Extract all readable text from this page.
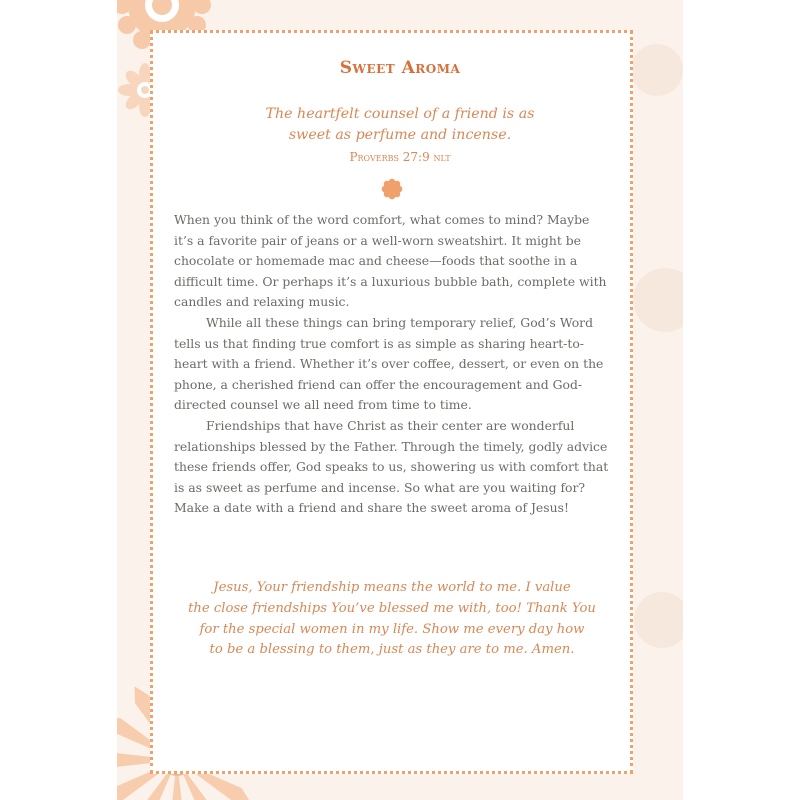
Sweet Aroma
The heartfelt counsel of a friend is as
sweet as perfume and incense.
Proverbs 27:9 nlt

When you think of the word comfort, what comes to mind? Maybe it’s a favorite pair of jeans or a well-worn sweatshirt. It might be chocolate or homemade mac and cheese—foods that soothe in a difficult time. Or perhaps it’s a luxurious bubble bath, complete with candles and relaxing music.

While all these things can bring temporary relief, God’s Word tells us that finding true comfort is as simple as sharing heart-to-heart with a friend. Whether it’s over coffee, dessert, or even on the phone, a cherished friend can offer the encouragement and God-directed counsel we all need from time to time.

Friendships that have Christ as their center are wonderful relationships blessed by the Father. Through the timely, godly advice these friends offer, God speaks to us, showering us with comfort that is as sweet as perfume and incense. So what are you waiting for? Make a date with a friend and share the sweet aroma of Jesus!

Jesus, Your friendship means the world to me. I value
the close friendships You’ve blessed me with, too! Thank You
for the special women in my life. Show me every day how
to be a blessing to them, just as they are to me. Amen.
